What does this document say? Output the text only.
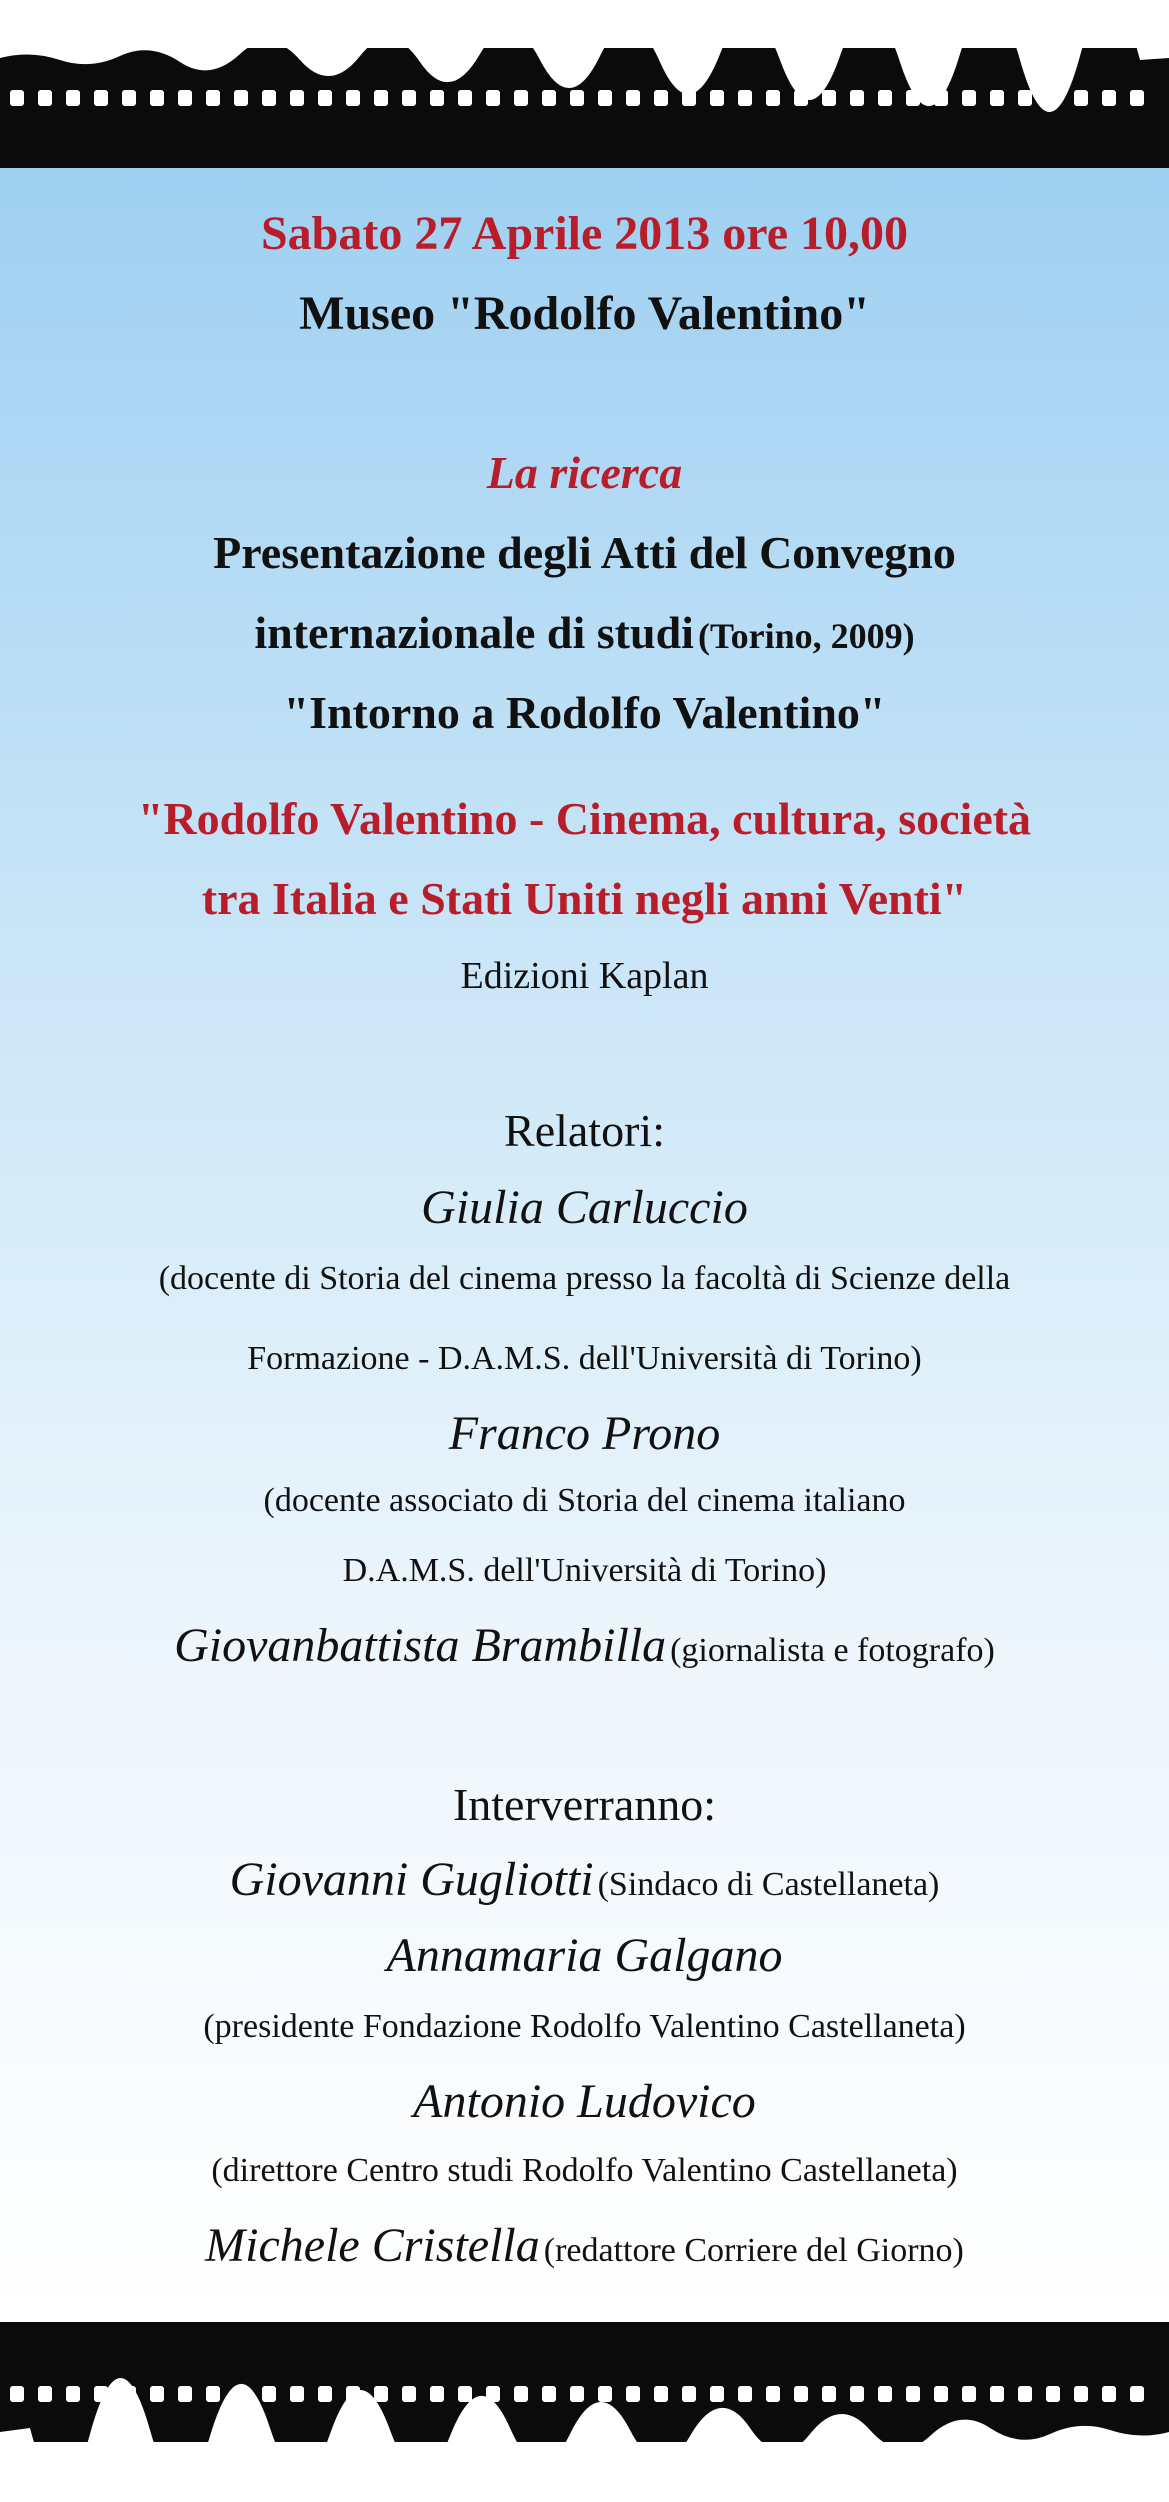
Sabato 27 Aprile 2013 ore 10,00
Museo "Rodolfo Valentino"
La ricerca
Presentazione degli Atti del Convegno
internazionale di studi (Torino, 2009)
"Intorno a Rodolfo Valentino"
"Rodolfo Valentino - Cinema, cultura, società
tra Italia e Stati Uniti negli anni Venti"
Edizioni Kaplan
Relatori:
Giulia Carluccio
(docente di Storia del cinema presso la facoltà di Scienze della
Formazione - D.A.M.S. dell'Università di Torino)
Franco Prono
(docente associato di Storia del cinema italiano
D.A.M.S. dell'Università di Torino)
Giovanbattista Brambilla (giornalista e fotografo)
Interverranno:
Giovanni Gugliotti (Sindaco di Castellaneta)
Annamaria Galgano
(presidente Fondazione Rodolfo Valentino Castellaneta)
Antonio Ludovico
(direttore Centro studi Rodolfo Valentino Castellaneta)
Michele Cristella (redattore Corriere del Giorno)
